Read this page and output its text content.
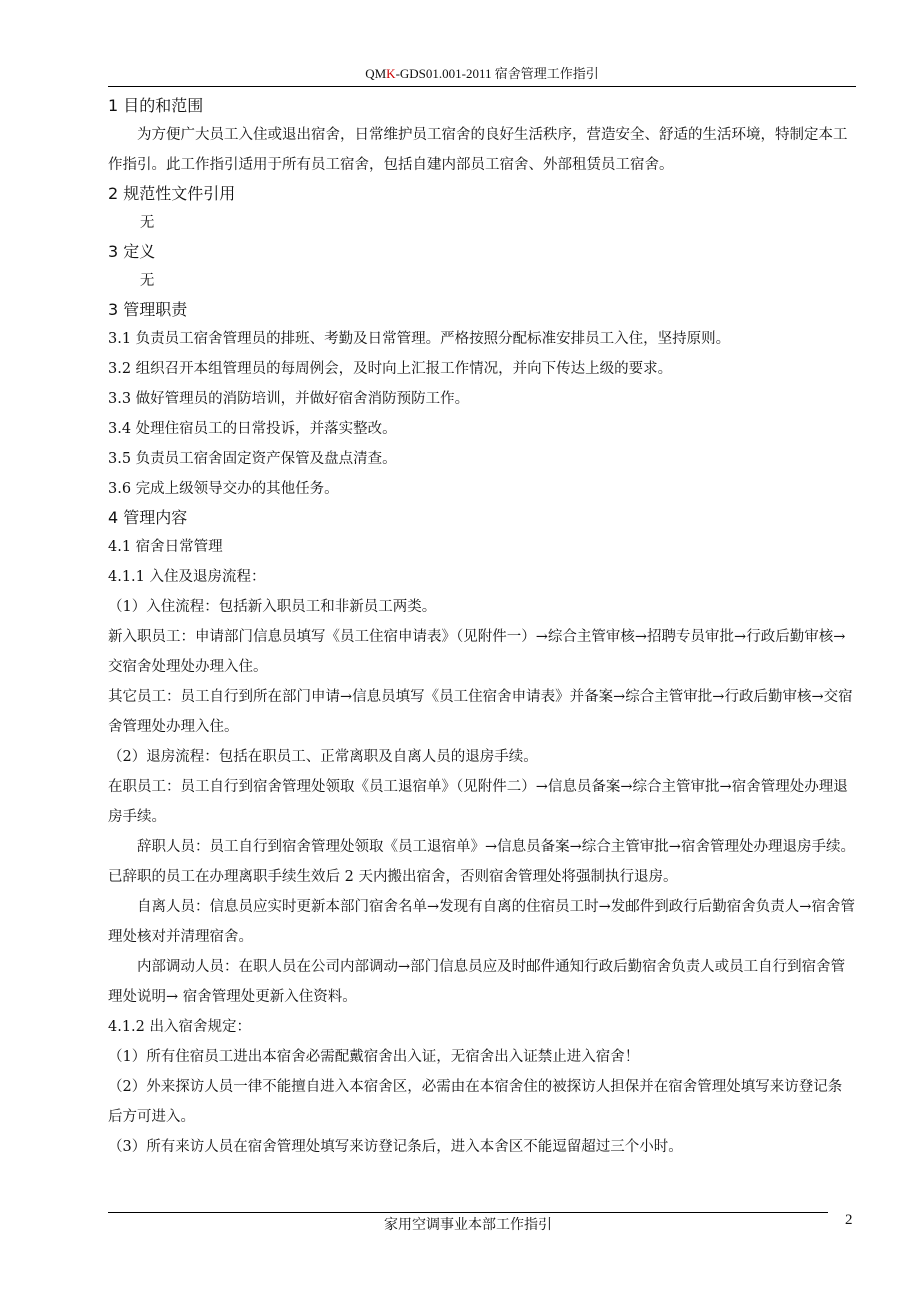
QMK-GDS01.001-2011 宿舍管理工作指引
1 目的和范围

为方便广大员工入住或退出宿舍，日常维护员工宿舍的良好生活秩序，营造安全、舒适的生活环境，特制定本工作指引。此工作指引适用于所有员工宿舍，包括自建内部员工宿舍、外部租赁员工宿舍。

2 规范性文件引用

无

3 定义

无

3 管理职责

3.1 负责员工宿舍管理员的排班、考勤及日常管理。严格按照分配标准安排员工入住，坚持原则。

3.2 组织召开本组管理员的每周例会，及时向上汇报工作情况，并向下传达上级的要求。

3.3 做好管理员的消防培训，并做好宿舍消防预防工作。

3.4 处理住宿员工的日常投诉，并落实整改。

3.5 负责员工宿舍固定资产保管及盘点清查。

3.6 完成上级领导交办的其他任务。

4 管理内容

4.1 宿舍日常管理

4.1.1 入住及退房流程：

（1）入住流程：包括新入职员工和非新员工两类。

新入职员工：申请部门信息员填写《员工住宿申请表》（见附件一）→综合主管审核→招聘专员审批→行政后勤审核→交宿舍处理处办理入住。

其它员工：员工自行到所在部门申请→信息员填写《员工住宿舍申请表》并备案→综合主管审批→行政后勤审核→交宿舍管理处办理入住。

（2）退房流程：包括在职员工、正常离职及自离人员的退房手续。

在职员工：员工自行到宿舍管理处领取《员工退宿单》（见附件二）→信息员备案→综合主管审批→宿舍管理处办理退房手续。

辞职人员：员工自行到宿舍管理处领取《员工退宿单》→信息员备案→综合主管审批→宿舍管理处办理退房手续。已辞职的员工在办理离职手续生效后 2 天内搬出宿舍，否则宿舍管理处将强制执行退房。

自离人员：信息员应实时更新本部门宿舍名单→发现有自离的住宿员工时→发邮件到政行后勤宿舍负责人→宿舍管理处核对并清理宿舍。

内部调动人员：在职人员在公司内部调动→部门信息员应及时邮件通知行政后勤宿舍负责人或员工自行到宿舍管理处说明→ 宿舍管理处更新入住资料。

4.1.2 出入宿舍规定：

（1）所有住宿员工进出本宿舍必需配戴宿舍出入证，无宿舍出入证禁止进入宿舍！

（2）外来探访人员一律不能擅自进入本宿舍区，必需由在本宿舍住的被探访人担保并在宿舍管理处填写来访登记条后方可进入。

（3）所有来访人员在宿舍管理处填写来访登记条后，进入本舍区不能逗留超过三个小时。

家用空调事业本部工作指引	2
